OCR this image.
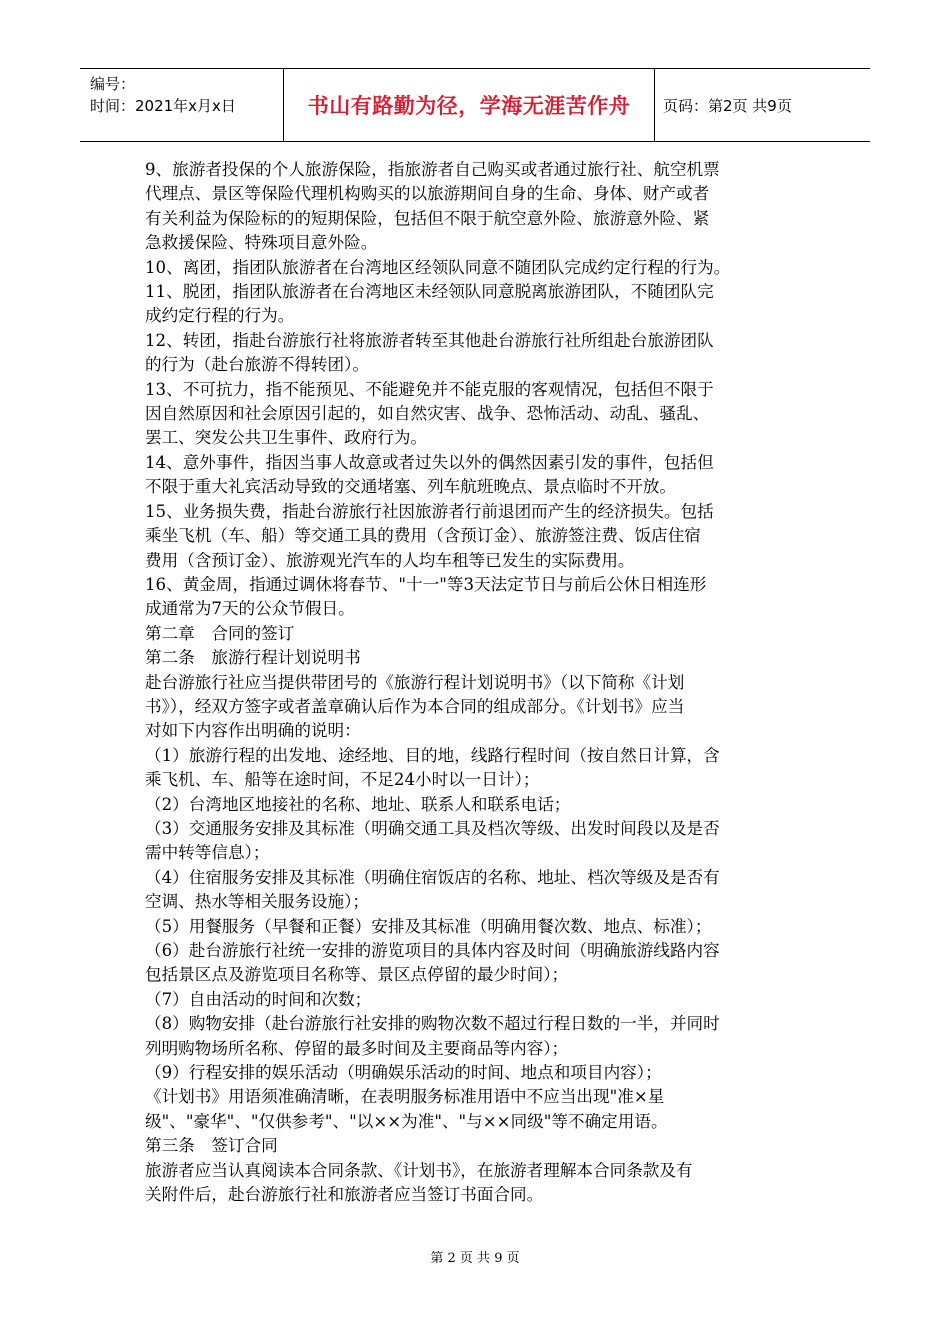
编号：
时间：2021年x月x日	书山有路勤为径，学海无涯苦作舟	页码：第2页 共9页

9、旅游者投保的个人旅游保险，指旅游者自己购买或者通过旅行社、航空机票

代理点、景区等保险代理机构购买的以旅游期间自身的生命、身体、财产或者

有关利益为保险标的的短期保险，包括但不限于航空意外险、旅游意外险、紧

急救援保险、特殊项目意外险。

10、离团，指团队旅游者在台湾地区经领队同意不随团队完成约定行程的行为。

11、脱团，指团队旅游者在台湾地区未经领队同意脱离旅游团队，不随团队完

成约定行程的行为。

12、转团，指赴台游旅行社将旅游者转至其他赴台游旅行社所组赴台旅游团队

的行为（赴台旅游不得转团）。

13、不可抗力，指不能预见、不能避免并不能克服的客观情况，包括但不限于

因自然原因和社会原因引起的，如自然灾害、战争、恐怖活动、动乱、骚乱、

罢工、突发公共卫生事件、政府行为。

14、意外事件，指因当事人故意或者过失以外的偶然因素引发的事件，包括但

不限于重大礼宾活动导致的交通堵塞、列车航班晚点、景点临时不开放。

15、业务损失费，指赴台游旅行社因旅游者行前退团而产生的经济损失。包括

乘坐飞机（车、船）等交通工具的费用（含预订金）、旅游签注费、饭店住宿

费用（含预订金）、旅游观光汽车的人均车租等已发生的实际费用。

16、黄金周，指通过调休将春节、"十一"等3天法定节日与前后公休日相连形

成通常为7天的公众节假日。

第二章　合同的签订

第二条　旅游行程计划说明书

赴台游旅行社应当提供带团号的《旅游行程计划说明书》（以下简称《计划

书》），经双方签字或者盖章确认后作为本合同的组成部分。《计划书》应当

对如下内容作出明确的说明：

（1）旅游行程的出发地、途经地、目的地，线路行程时间（按自然日计算，含

乘飞机、车、船等在途时间，不足24小时以一日计）；

（2）台湾地区地接社的名称、地址、联系人和联系电话；

（3）交通服务安排及其标准（明确交通工具及档次等级、出发时间段以及是否

需中转等信息）；

（4）住宿服务安排及其标准（明确住宿饭店的名称、地址、档次等级及是否有

空调、热水等相关服务设施）；

（5）用餐服务（早餐和正餐）安排及其标准（明确用餐次数、地点、标准）；

（6）赴台游旅行社统一安排的游览项目的具体内容及时间（明确旅游线路内容

包括景区点及游览项目名称等、景区点停留的最少时间）；

（7）自由活动的时间和次数；

（8）购物安排（赴台游旅行社安排的购物次数不超过行程日数的一半，并同时

列明购物场所名称、停留的最多时间及主要商品等内容）；

（9）行程安排的娱乐活动（明确娱乐活动的时间、地点和项目内容）；

《计划书》用语须准确清晰，在表明服务标准用语中不应当出现"准×星

级"、"豪华"、"仅供参考"、"以××为准"、"与××同级"等不确定用语。

第三条　签订合同

旅游者应当认真阅读本合同条款、《计划书》，在旅游者理解本合同条款及有

关附件后，赴台游旅行社和旅游者应当签订书面合同。

第 2 页 共 9 页
